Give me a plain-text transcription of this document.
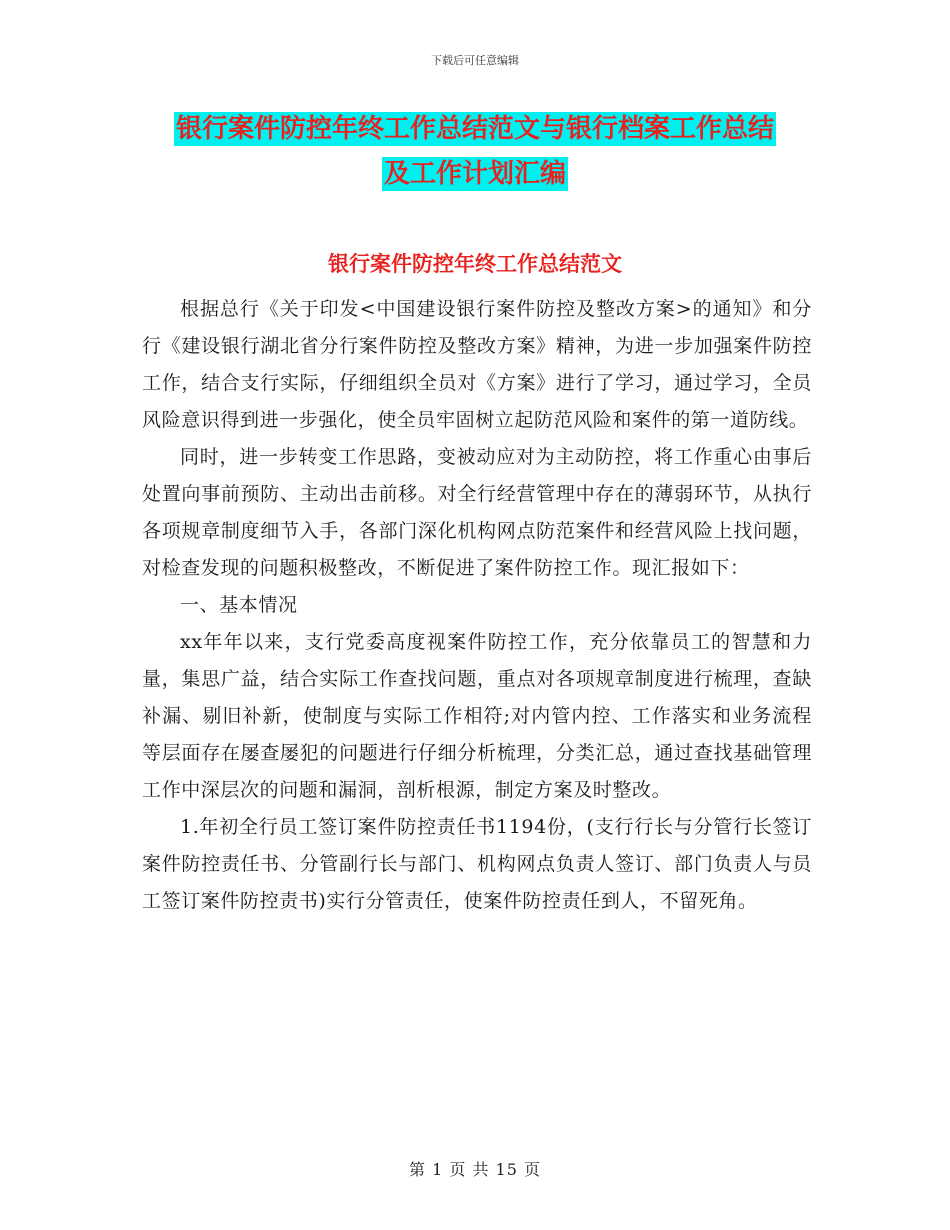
下载后可任意编辑
银行案件防控年终工作总结范文与银行档案工作总结
及工作计划汇编
银行案件防控年终工作总结范文

根据总行《关于印发<中国建设银行案件防控及整改方案>的通知》和分行《建设银行湖北省分行案件防控及整改方案》精神，为进一步加强案件防控工作，结合支行实际，仔细组织全员对《方案》进行了学习，通过学习，全员风险意识得到进一步强化，使全员牢固树立起防范风险和案件的第一道防线。

同时，进一步转变工作思路，变被动应对为主动防控，将工作重心由事后处置向事前预防、主动出击前移。对全行经营管理中存在的薄弱环节，从执行各项规章制度细节入手，各部门深化机构网点防范案件和经营风险上找问题，对检查发现的问题积极整改，不断促进了案件防控工作。现汇报如下：

一、基本情况

xx年年以来，支行党委高度视案件防控工作，充分依靠员工的智慧和力量，集思广益，结合实际工作查找问题，重点对各项规章制度进行梳理，查缺补漏、剔旧补新，使制度与实际工作相符;对内管内控、工作落实和业务流程等层面存在屡查屡犯的问题进行仔细分析梳理，分类汇总，通过查找基础管理工作中深层次的问题和漏洞，剖析根源，制定方案及时整改。

1.年初全行员工签订案件防控责任书1194份，(支行行长与分管行长签订案件防控责任书、分管副行长与部门、机构网点负责人签订、部门负责人与员工签订案件防控责书)实行分管责任，使案件防控责任到人，不留死角。

第 1 页 共 15 页
